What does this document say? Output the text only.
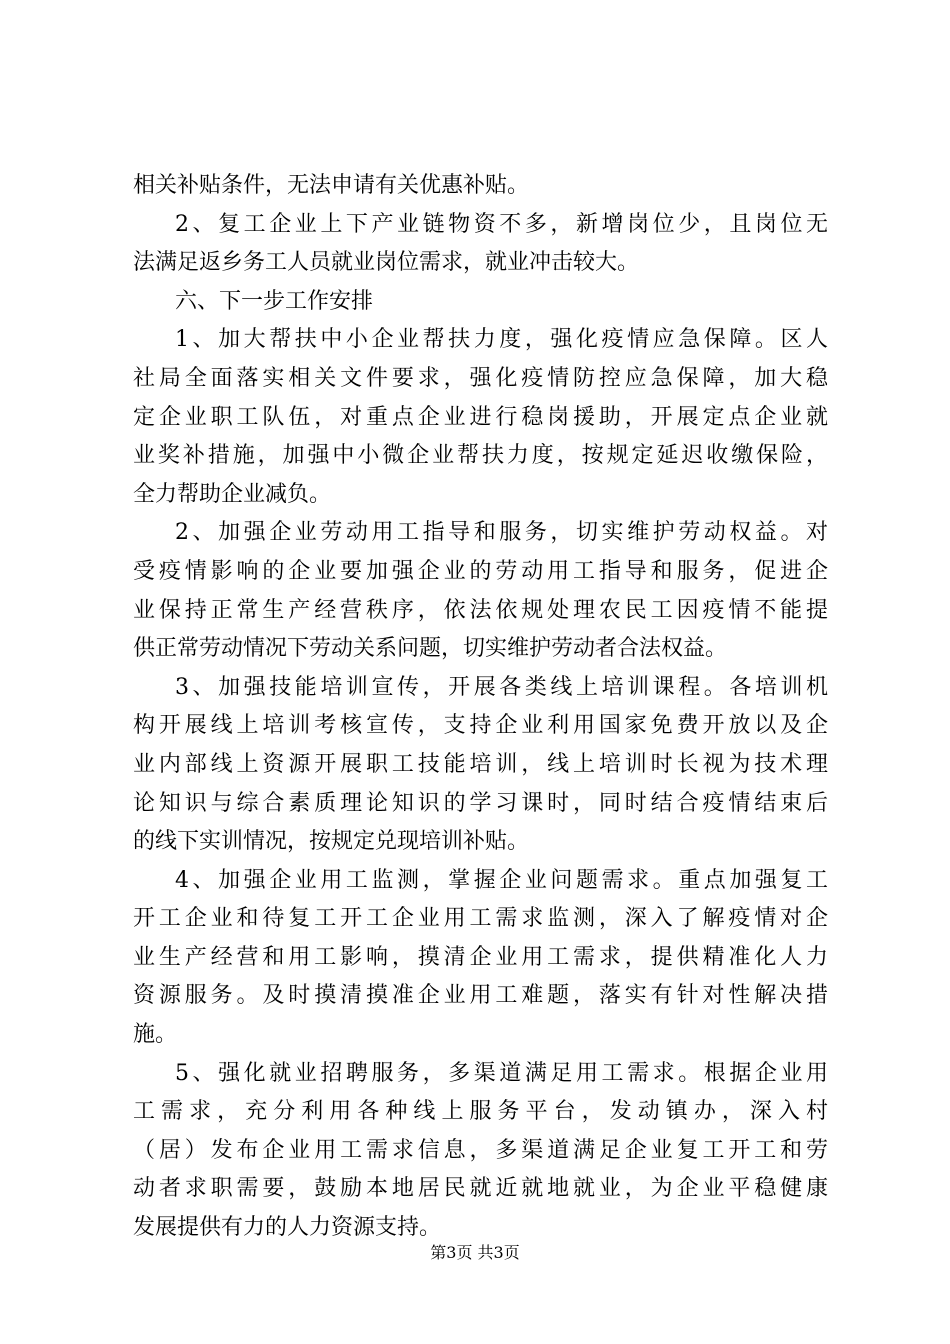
相关补贴条件，无法申请有关优惠补贴。
2、复工企业上下产业链物资不多，新增岗位少，且岗位无
法满足返乡务工人员就业岗位需求，就业冲击较大。
六、下一步工作安排
1、加大帮扶中小企业帮扶力度，强化疫情应急保障。区人
社局全面落实相关文件要求，强化疫情防控应急保障，加大稳
定企业职工队伍，对重点企业进行稳岗援助，开展定点企业就
业奖补措施，加强中小微企业帮扶力度，按规定延迟收缴保险，
全力帮助企业减负。
2、加强企业劳动用工指导和服务，切实维护劳动权益。对
受疫情影响的企业要加强企业的劳动用工指导和服务，促进企
业保持正常生产经营秩序，依法依规处理农民工因疫情不能提
供正常劳动情况下劳动关系问题，切实维护劳动者合法权益。
3、加强技能培训宣传，开展各类线上培训课程。各培训机
构开展线上培训考核宣传，支持企业利用国家免费开放以及企
业内部线上资源开展职工技能培训，线上培训时长视为技术理
论知识与综合素质理论知识的学习课时，同时结合疫情结束后
的线下实训情况，按规定兑现培训补贴。
4、加强企业用工监测，掌握企业问题需求。重点加强复工
开工企业和待复工开工企业用工需求监测，深入了解疫情对企
业生产经营和用工影响，摸清企业用工需求，提供精准化人力
资源服务。及时摸清摸准企业用工难题，落实有针对性解决措
施。
5、强化就业招聘服务，多渠道满足用工需求。根据企业用
工需求，充分利用各种线上服务平台，发动镇办，深入村
（居）发布企业用工需求信息，多渠道满足企业复工开工和劳
动者求职需要，鼓励本地居民就近就地就业，为企业平稳健康
发展提供有力的人力资源支持。
第3页 共3页
